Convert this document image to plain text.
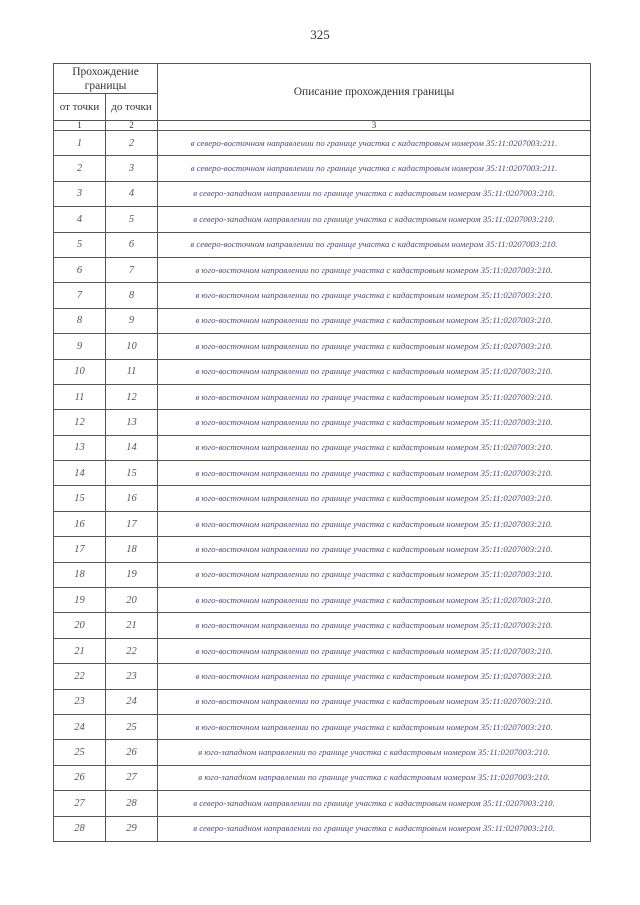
325
Прохождение границы		Описание прохождения границы
от точки	до точки	
1	2	3
1	2	в северо-восточном направлении по границе участка с кадастровым номером 35:11:0207003:211.
2	3	в северо-восточном направлении по границе участка с кадастровым номером 35:11:0207003:211.
3	4	в северо-западном направлении по границе участка с кадастровым номером 35:11:0207003:210.
4	5	в северо-западном направлении по границе участка с кадастровым номером 35:11:0207003:210.
5	6	в северо-восточном направлении по границе участка с кадастровым номером 35:11:0207003:210.
6	7	в юго-восточном направлении по границе участка с кадастровым номером 35:11:0207003:210.
7	8	в юго-восточном направлении по границе участка с кадастровым номером 35:11:0207003:210.
8	9	в юго-восточном направлении по границе участка с кадастровым номером 35:11:0207003:210.
9	10	в юго-восточном направлении по границе участка с кадастровым номером 35:11:0207003:210.
10	11	в юго-восточном направлении по границе участка с кадастровым номером 35:11:0207003:210.
11	12	в юго-восточном направлении по границе участка с кадастровым номером 35:11:0207003:210.
12	13	в юго-восточном направлении по границе участка с кадастровым номером 35:11:0207003:210.
13	14	в юго-восточном направлении по границе участка с кадастровым номером 35:11:0207003:210.
14	15	в юго-восточном направлении по границе участка с кадастровым номером 35:11:0207003:210.
15	16	в юго-восточном направлении по границе участка с кадастровым номером 35:11:0207003:210.
16	17	в юго-восточном направлении по границе участка с кадастровым номером 35:11:0207003:210.
17	18	в юго-восточном направлении по границе участка с кадастровым номером 35:11:0207003:210.
18	19	в юго-восточном направлении по границе участка с кадастровым номером 35:11:0207003:210.
19	20	в юго-восточном направлении по границе участка с кадастровым номером 35:11:0207003:210.
20	21	в юго-восточном направлении по границе участка с кадастровым номером 35:11:0207003:210.
21	22	в юго-восточном направлении по границе участка с кадастровым номером 35:11:0207003:210.
22	23	в юго-восточном направлении по границе участка с кадастровым номером 35:11:0207003:210.
23	24	в юго-восточном направлении по границе участка с кадастровым номером 35:11:0207003:210.
24	25	в юго-восточном направлении по границе участка с кадастровым номером 35:11:0207003:210.
25	26	в юго-западном направлении по границе участка с кадастровым номером 35:11:0207003:210.
26	27	в юго-западном направлении по границе участка с кадастровым номером 35:11:0207003:210.
27	28	в северо-западном направлении по границе участка с кадастровым номером 35:11:0207003:210.
28	29	в северо-западном направлении по границе участка с кадастровым номером 35:11:0207003:210.
